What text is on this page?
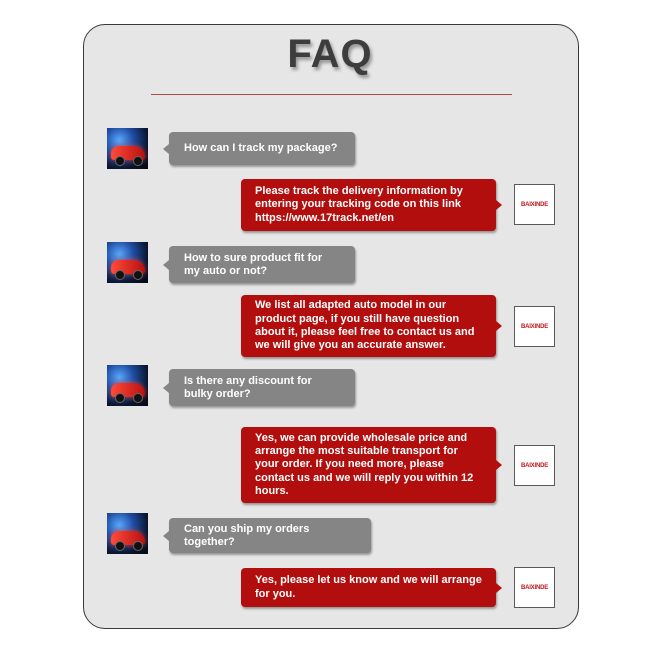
FAQ
How can I track my package?
Please track the delivery information by entering your tracking code on this link https://www.17track.net/en
BAIXINDE
How to sure product fit for my auto or not?
We list all adapted auto model in our product page, if you still have question about it, please feel free to contact us and we will give you an accurate answer.
BAIXINDE
Is there any discount for bulky order?
Yes, we can provide wholesale price and arrange the most suitable transport for your order. If you need more, please contact us and we will reply you within 12 hours.
BAIXINDE
Can you ship my orders together?
Yes, please let us know and we will arrange for you.	BAIXINDE
